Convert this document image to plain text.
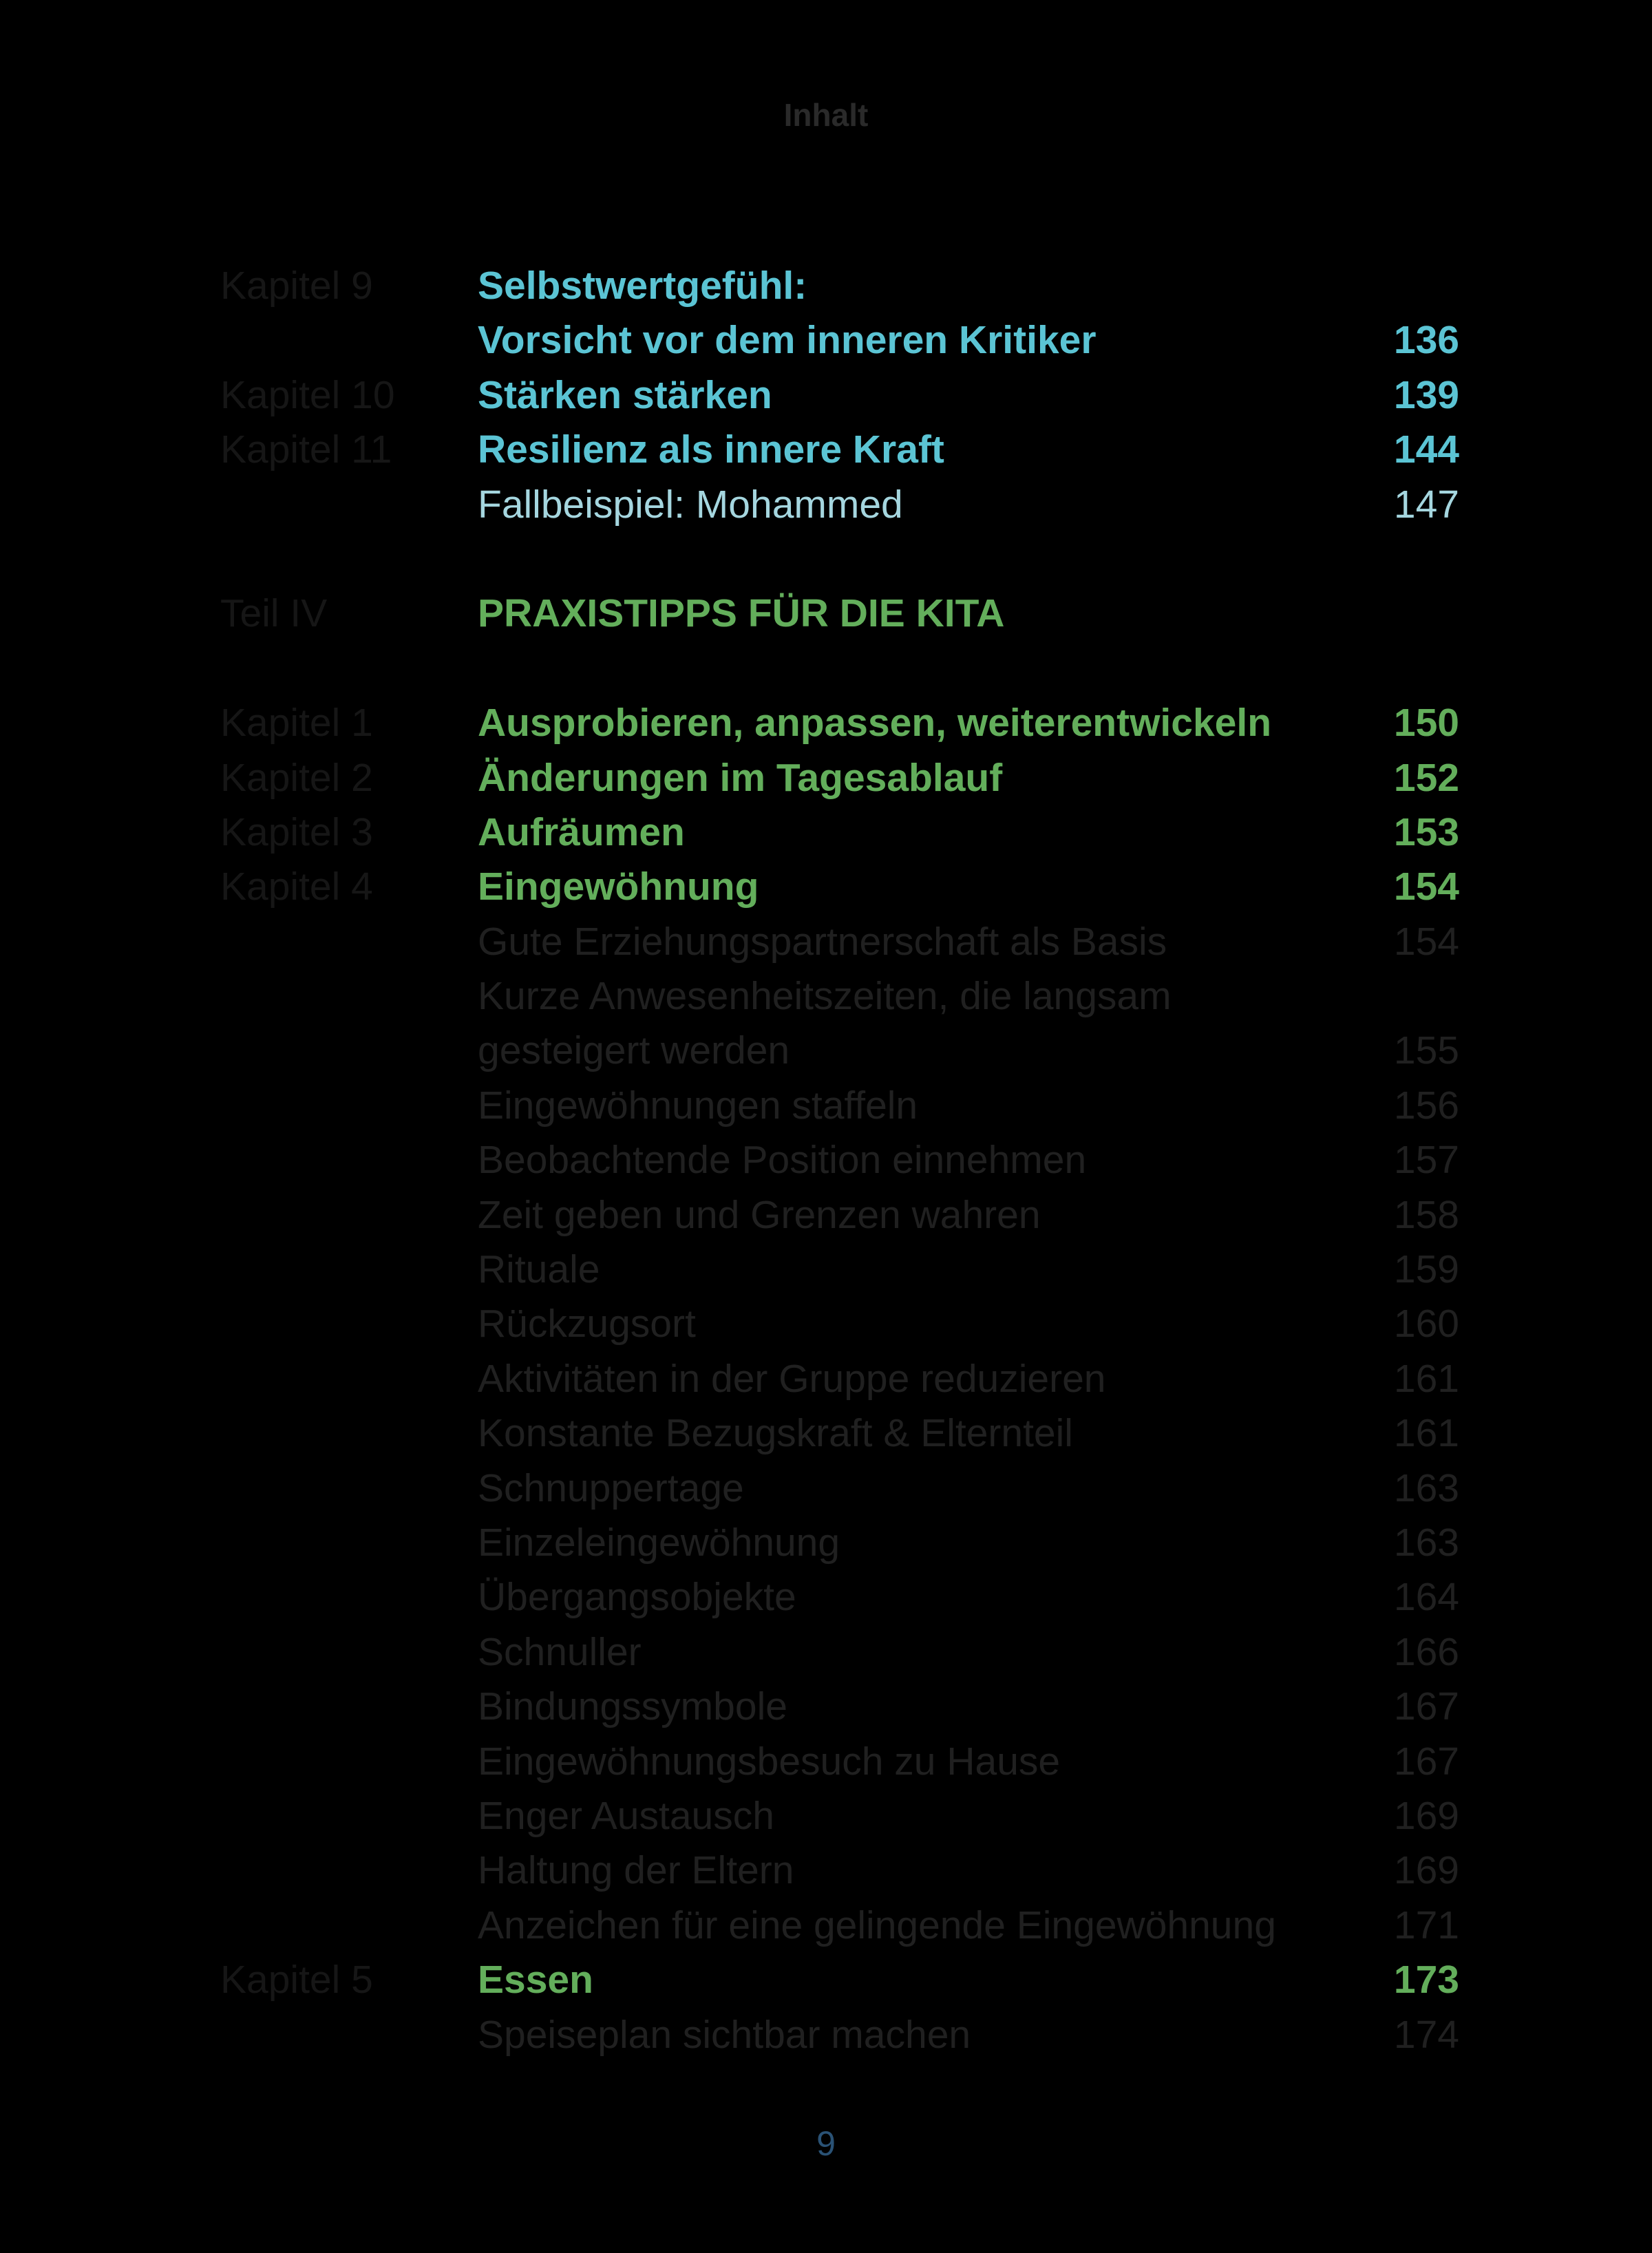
Inhalt
Kapitel 9	Selbstwertgefühl:
Vorsicht vor dem inneren Kritiker	136
Kapitel 10 Stärken stärken	139
Kapitel 11 Resilienz als innere Kraft	144
Fallbeispiel: Mohammed	147
Teil IV	PRAXISTIPPS FÜR DIE KITA
Kapitel 1	Ausprobieren, anpassen, weiterentwickeln	150
Kapitel 2	Änderungen im Tagesablauf	152
Kapitel 3	Aufräumen	153
Kapitel 4	Eingewöhnung	154
Gute Erziehungspartnerschaft als Basis	154
Kurze Anwesenheitszeiten, die langsam
gesteigert werden	155
Eingewöhnungen staffeln	156
Beobachtende Position einnehmen	157
Zeit geben und Grenzen wahren	158
Rituale	159
Rückzugsort	160
Aktivitäten in der Gruppe reduzieren	161
Konstante Bezugskraft & Elternteil	161
Schnuppertage	163
Einzeleingewöhnung	163
Übergangsobjekte	164
Schnuller	166
Bindungssymbole	167
Eingewöhnungsbesuch zu Hause	167
Enger Austausch	169
Haltung der Eltern	169
Anzeichen für eine gelingende Eingewöhnung	171
Kapitel 5	Essen	173
Speiseplan sichtbar machen	174
9
